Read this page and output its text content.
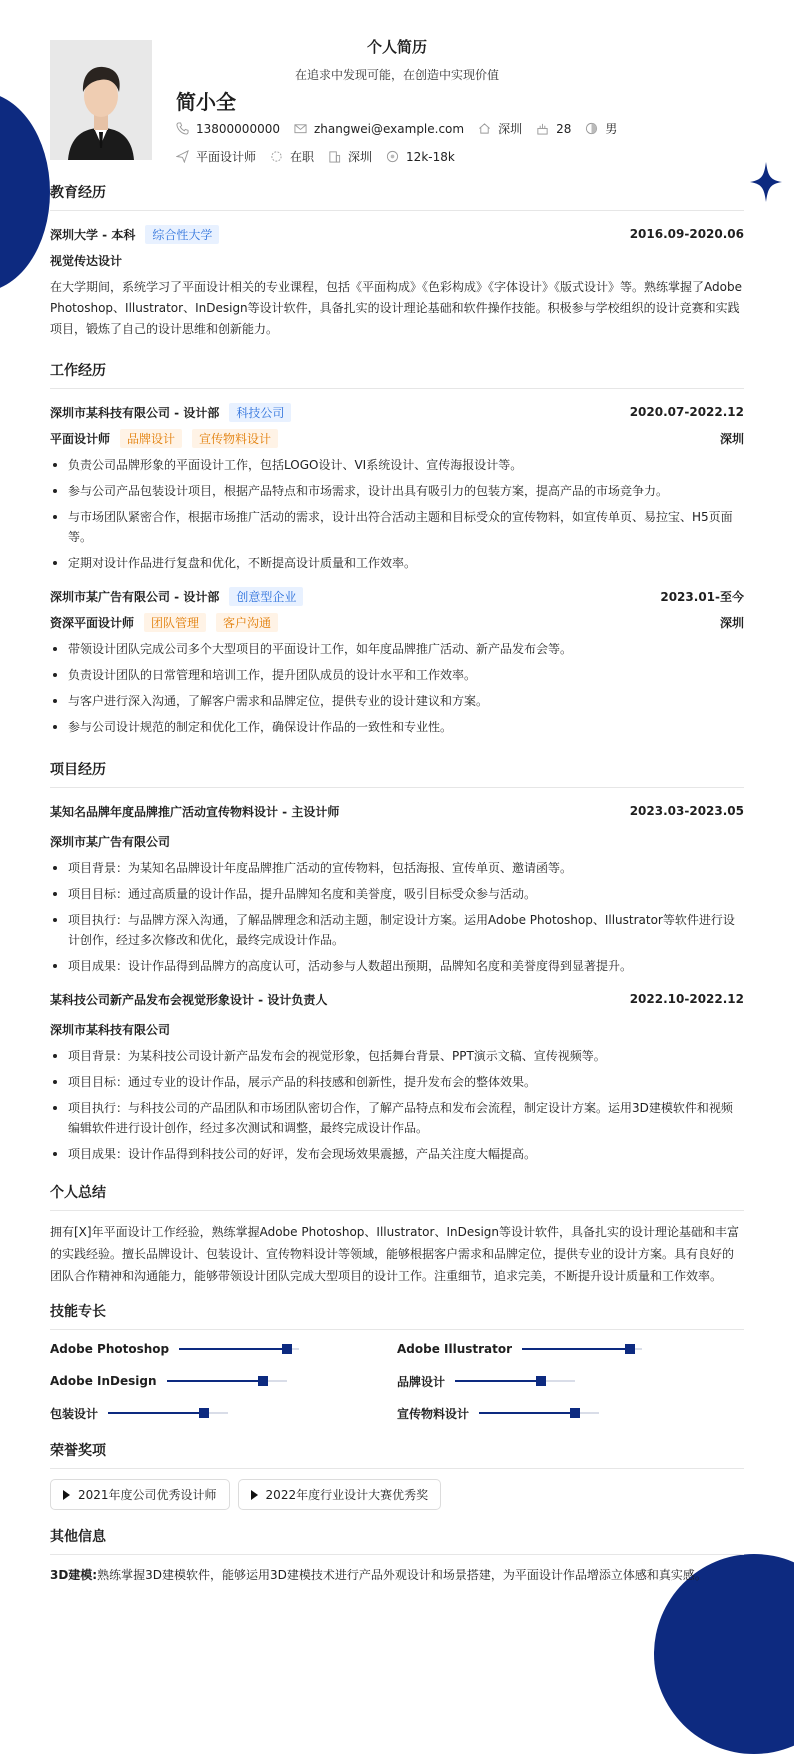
个人简历
在追求中发现可能，在创造中实现价值
简小全
13800000000	zhangwei@example.com	深圳	28	男
平面设计师	在职	深圳	12k-18k
教育经历
深圳大学 - 本科	综合性大学	2016.09-2020.06
视觉传达设计

在大学期间，系统学习了平面设计相关的专业课程，包括《平面构成》《色彩构成》《字体设计》《版式设计》等。熟练掌握了Adobe Photoshop、Illustrator、InDesign等设计软件，具备扎实的设计理论基础和软件操作技能。积极参与学校组织的设计竞赛和实践项目，锻炼了自己的设计思维和创新能力。

工作经历
深圳市某科技有限公司 - 设计部	科技公司	2020.07-2022.12
平面设计师	品牌设计	宣传物料设计	深圳
负责公司品牌形象的平面设计工作，包括LOGO设计、VI系统设计、宣传海报设计等。
参与公司产品包装设计项目，根据产品特点和市场需求，设计出具有吸引力的包装方案，提高产品的市场竞争力。
与市场团队紧密合作，根据市场推广活动的需求，设计出符合活动主题和目标受众的宣传物料，如宣传单页、易拉宝、H5页面等。
定期对设计作品进行复盘和优化，不断提高设计质量和工作效率。
深圳市某广告有限公司 - 设计部	创意型企业	2023.01-至今
资深平面设计师	团队管理	客户沟通	深圳
带领设计团队完成公司多个大型项目的平面设计工作，如年度品牌推广活动、新产品发布会等。
负责设计团队的日常管理和培训工作，提升团队成员的设计水平和工作效率。
与客户进行深入沟通，了解客户需求和品牌定位，提供专业的设计建议和方案。
参与公司设计规范的制定和优化工作，确保设计作品的一致性和专业性。
项目经历
某知名品牌年度品牌推广活动宣传物料设计 - 主设计师	2023.03-2023.05
深圳市某广告有限公司
项目背景：为某知名品牌设计年度品牌推广活动的宣传物料，包括海报、宣传单页、邀请函等。
项目目标：通过高质量的设计作品，提升品牌知名度和美誉度，吸引目标受众参与活动。
项目执行：与品牌方深入沟通，了解品牌理念和活动主题，制定设计方案。运用Adobe Photoshop、Illustrator等软件进行设计创作，经过多次修改和优化，最终完成设计作品。
项目成果：设计作品得到品牌方的高度认可，活动参与人数超出预期，品牌知名度和美誉度得到显著提升。
某科技公司新产品发布会视觉形象设计 - 设计负责人	2022.10-2022.12
深圳市某科技有限公司
项目背景：为某科技公司设计新产品发布会的视觉形象，包括舞台背景、PPT演示文稿、宣传视频等。
项目目标：通过专业的设计作品，展示产品的科技感和创新性，提升发布会的整体效果。
项目执行：与科技公司的产品团队和市场团队密切合作，了解产品特点和发布会流程，制定设计方案。运用3D建模软件和视频编辑软件进行设计创作，经过多次测试和调整，最终完成设计作品。
项目成果：设计作品得到科技公司的好评，发布会现场效果震撼，产品关注度大幅提高。
个人总结

拥有[X]年平面设计工作经验，熟练掌握Adobe Photoshop、Illustrator、InDesign等设计软件，具备扎实的设计理论基础和丰富的实践经验。擅长品牌设计、包装设计、宣传物料设计等领域，能够根据客户需求和品牌定位，提供专业的设计方案。具有良好的团队合作精神和沟通能力，能够带领设计团队完成大型项目的设计工作。注重细节，追求完美，不断提升设计质量和工作效率。

技能专长
Adobe Photoshop	Adobe Illustrator
Adobe InDesign	品牌设计
包装设计	宣传物料设计
荣誉奖项
2021年度公司优秀设计师	2022年度行业设计大赛优秀奖
其他信息
3D建模:熟练掌握3D建模软件，能够运用3D建模技术进行产品外观设计和场景搭建，为平面设计作品增添立体感和真实感。
